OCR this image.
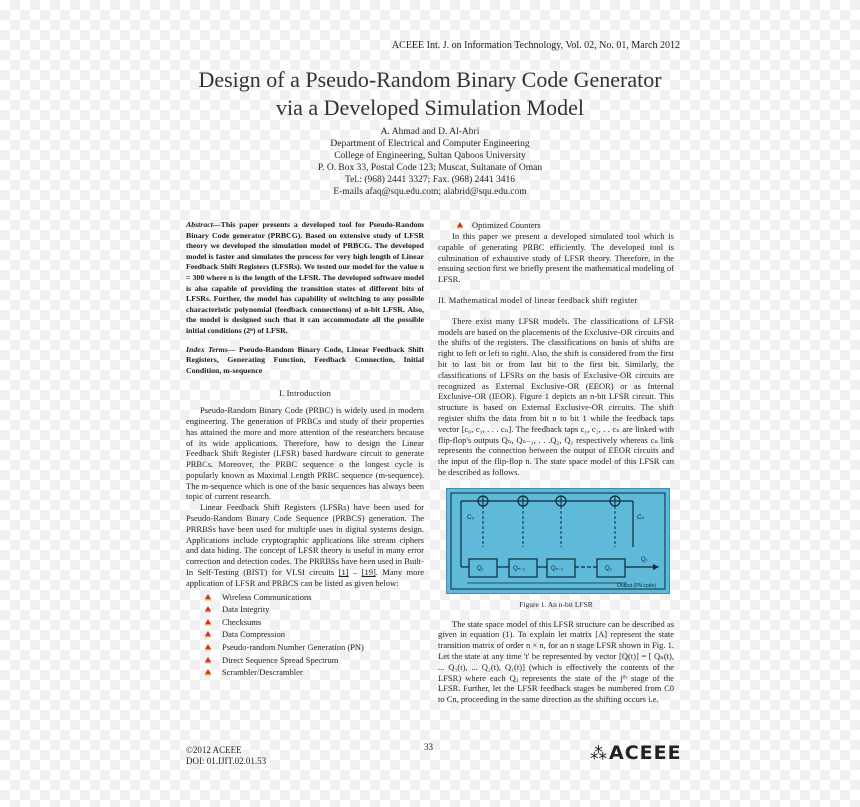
ACEEE Int. J. on Information Technology, Vol. 02, No. 01, March 2012
Design of a Pseudo-Random Binary Code Generator
via a Developed Simulation Model
A. Ahmad and D. Al-Abri
Department of Electrical and Computer Engineering
College of Engineering, Sultan Qaboos University
P. O. Box 33, Postal Code 123; Muscat, Sultanate of Oman
Tel.: (968) 2441 3327; Fax. (968) 2441 3416
E-mails afaq@squ.edu.com; alabrid@squ.edu.com
Abstract—This paper presents a developed tool for Pseudo-Random Binary Code generator (PRBCG). Based on extensive study of LFSR theory we developed the simulation model of PRBCG. The developed model is faster and simulates the process for very high length of Linear Feedback Shift Registers (LFSRs). We tested our model for the value n = 300 where n is the length of the LFSR. The developed software model is also capable of providing the transition states of different bits of LFSRs. Further, the model has capability of switching to any possible characteristic polynomial (feedback connections) of n-bit LFSR. Also, the model is designed such that it can accommodate all the possible initial conditions (2ⁿ) of LFSR.
Index Terms— Pseudo-Random Binary Code, Linear Feedback Shift Registers, Generating Function, Feedback Connection, Initial Condition, m-sequence
I. Introduction

Pseudo-Random Binary Code (PRBC) is widely used in modern engineering. The generation of PRBCs and study of their properties has attained the more and more attention of the researchers because of its wide applications. Therefore, how to design the Linear Feedback Shift Register (LFSR) based hardware circuit to generate PRBCs. Moreover, the PRBC sequence o the longest cycle is popularly known as Maximal Length PRBC sequence (m-sequence). The m-sequence which is one of the basic sequences has always been topic of current research.

Linear Feedback Shift Registers (LFSRs) have been used for Pseudo-Random Binary Code Sequence (PRBCS) generation. The PRRBSs have been used for multiple uses in digital systems design. Applications include cryptographic applications like stream ciphers and data hiding. The concept of LFSR theory is useful in many error correction and detection codes. The PRRBSs have been used in Built-In Self-Testing (BIST) for VLSI circuits [1] – [19]. Many more application of LFSR and PRBCS can be listed as given below:

Wireless Communications
Data Integrity
Checksums
Data Compression
Pseudo-random Number Generation (PN)
Direct Sequence Spread Spectrum
Scrambler/Descrambler
Optimized Counters

In this paper we present a developed simulated tool which is capable of generating PRBC efficiently. The developed tool is culmination of exhaustive study of LFSR theory. Therefore, in the ensuing section first we briefly present the mathematical modeling of LFSR.

II. Mathematical model of linear feedback shift register

There exist many LFSR models. The classifications of LFSR models are based on the placements of the Exclusive-OR circuits and the shifts of the registers. The classifications on basis of shifts are right to left or left to right. Also, the shift is considered from the first bit to last bit or from last bit to the first bit. Similarly, the classifications of LFSRs on the basis of Exclusive-OR circuits are recognized as External Exclusive-OR (EEOR) or as Internal Exclusive-OR (IEOR). Figure 1 depicts an n-bit LFSR circuit. This structure is based on External Exclusive-OR circuits. The shift register shifts the data from bit n to bit 1 while the feedback taps vector [c₀, c₁, . . . cₙ]. The feedback taps c₁, c₂, . . cₙ are linked with flip-flop's outputs Qₙ, Qₙ₋₁, . . .Q₂, Q₁ respectively whereas cₙ link represents the connection between the output of EEOR circuits and the input of the flip-flop n. The state space model of this LFSR can be described as follows.

C₀	Cₙ
Q₁	Qₙ₋₁	Qₙ₋₂	Q₂
Q₁
Output (PN code)
Figure 1. An n-bit LFSR

The state space model of this LFSR structure can be described as given in equation (1). To explain let matrix [A] represent the state transition matrix of order n × n, for an n stage LFSR shown in Fig. 1. Let the state at any time 't' be represented by vector [Q(t)] = [ Qₙ(t), ... Q₃(t), ... Q₂(t), Q₁(t)] (which is effectively the contents of the LFSR) where each Qⱼ represents the state of the jᵗʰ stage of the LFSR. Further, let the LFSR feedback stages be numbered from C0 to Cn, proceeding in the same direction as the shifting occurs i.e.

©2012 ACEEE
DOI: 01.IJIT.02.01.53
33	⁂ACEEE
